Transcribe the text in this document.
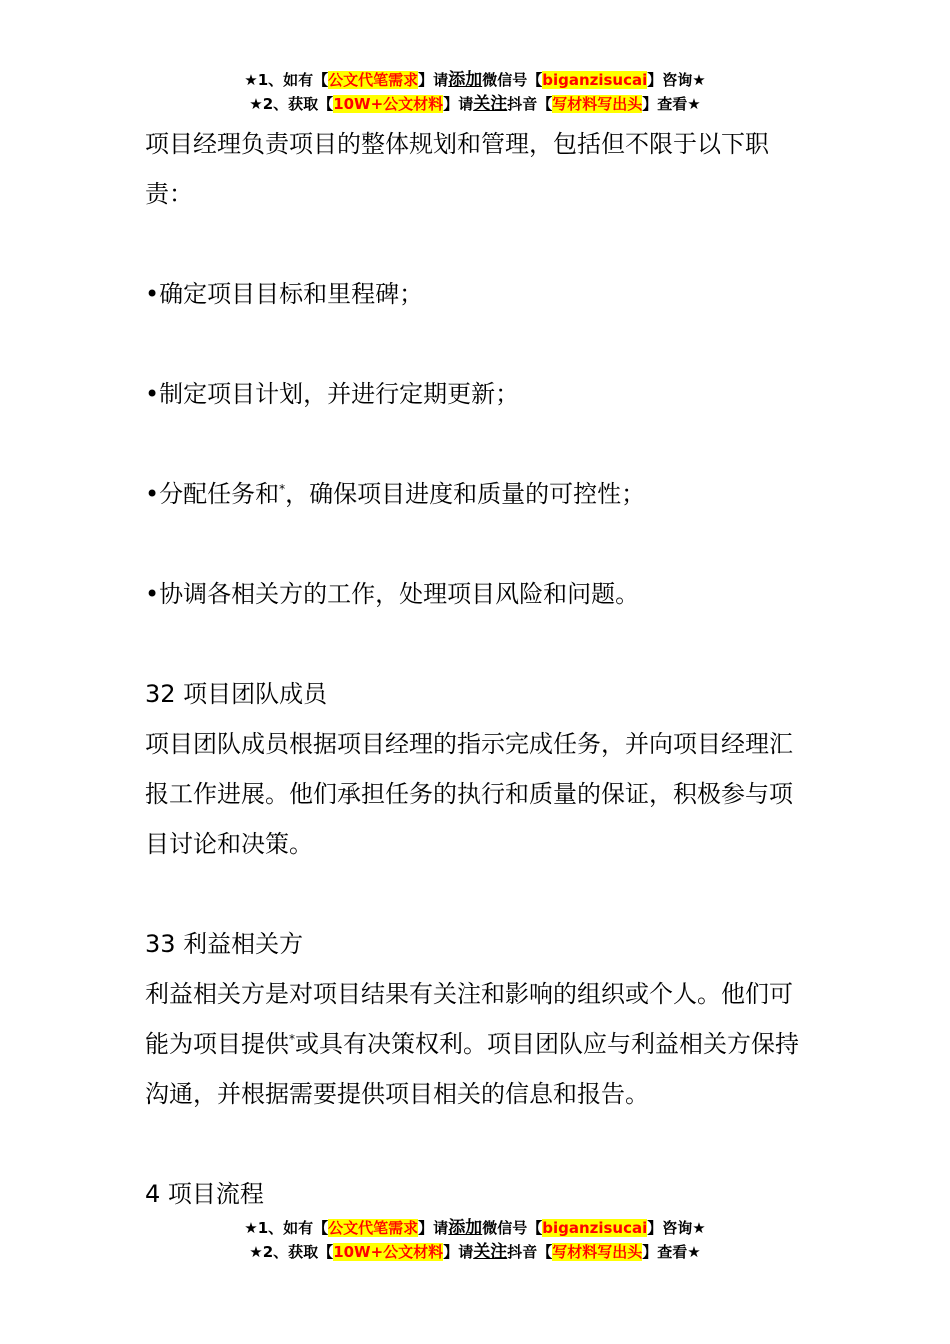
★1、如有【公文代笔需求】请添加微信号【biganzisucai】咨询★
★2、获取【10W+公文材料】请关注抖音【写材料写出头】查看★

项目经理负责项目的整体规划和管理，包括但不限于以下职责：

•确定项目目标和里程碑；

•制定项目计划，并进行定期更新；

•分配任务和*，确保项目进度和质量的可控性；

•协调各相关方的工作，处理项目风险和问题。

32 项目团队成员

项目团队成员根据项目经理的指示完成任务，并向项目经理汇报工作进展。他们承担任务的执行和质量的保证，积极参与项目讨论和决策。

33 利益相关方

利益相关方是对项目结果有关注和影响的组织或个人。他们可能为项目提供*或具有决策权利。项目团队应与利益相关方保持沟通，并根据需要提供项目相关的信息和报告。

4 项目流程

★1、如有【公文代笔需求】请添加微信号【biganzisucai】咨询★
★2、获取【10W+公文材料】请关注抖音【写材料写出头】查看★
